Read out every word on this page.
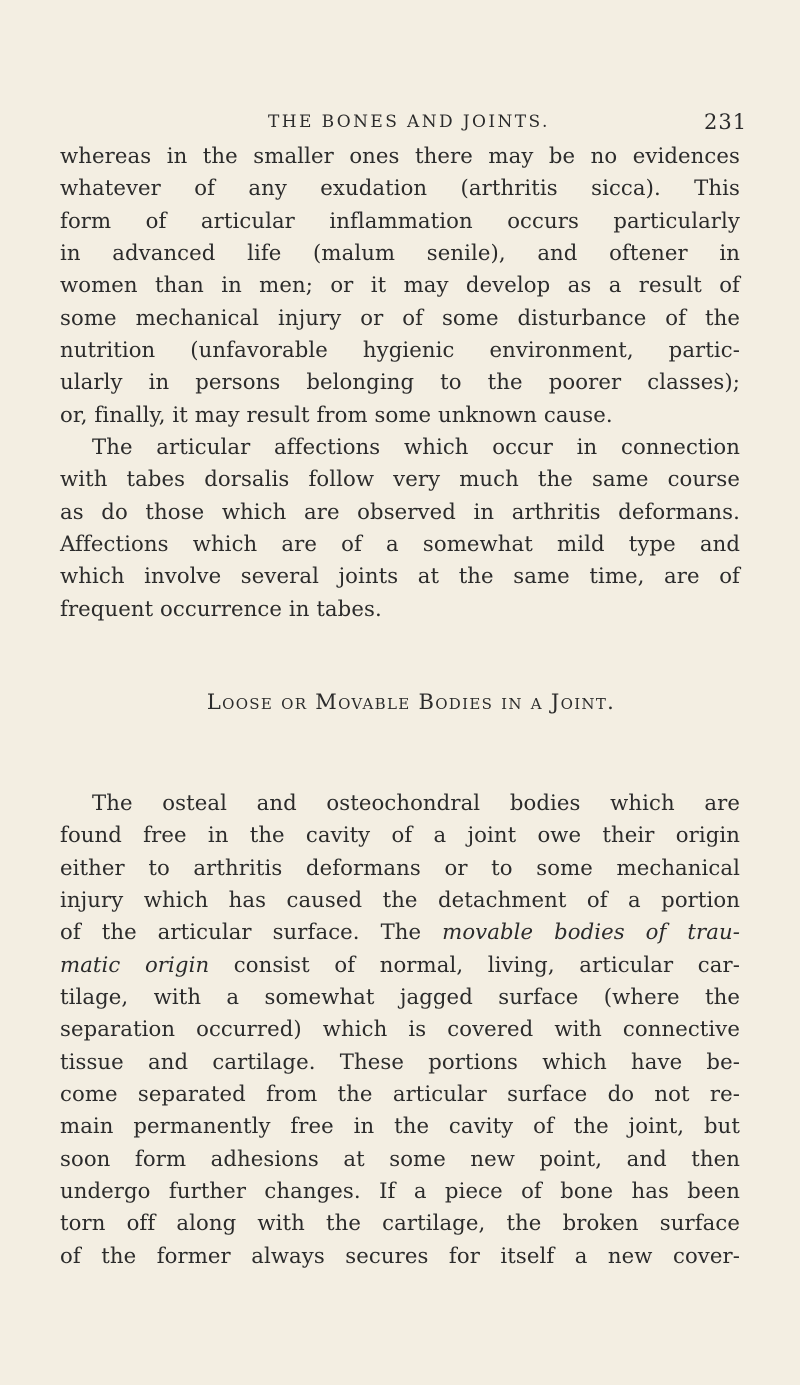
THE BONES AND JOINTS.	231
whereas in the smaller ones there may be no evidences
whatever of any exudation (arthritis sicca). This
form of articular inflammation occurs particularly
in advanced life (malum senile), and oftener in
women than in men; or it may develop as a result of
some mechanical injury or of some disturbance of the
nutrition (unfavorable hygienic environment, partic-
ularly in persons belonging to the poorer classes);
or, finally, it may result from some unknown cause.
The articular affections which occur in connection
with tabes dorsalis follow very much the same course
as do those which are observed in arthritis deformans.
Affections which are of a somewhat mild type and
which involve several joints at the same time, are of
frequent occurrence in tabes.
Loose or Movable Bodies in a Joint.
The osteal and osteochondral bodies which are
found free in the cavity of a joint owe their origin
either to arthritis deformans or to some mechanical
injury which has caused the detachment of a portion
of the articular surface. The movable bodies of trau-
matic origin consist of normal, living, articular car-
tilage, with a somewhat jagged surface (where the
separation occurred) which is covered with connective
tissue and cartilage. These portions which have be-
come separated from the articular surface do not re-
main permanently free in the cavity of the joint, but
soon form adhesions at some new point, and then
undergo further changes. If a piece of bone has been
torn off along with the cartilage, the broken surface
of the former always secures for itself a new cover-
